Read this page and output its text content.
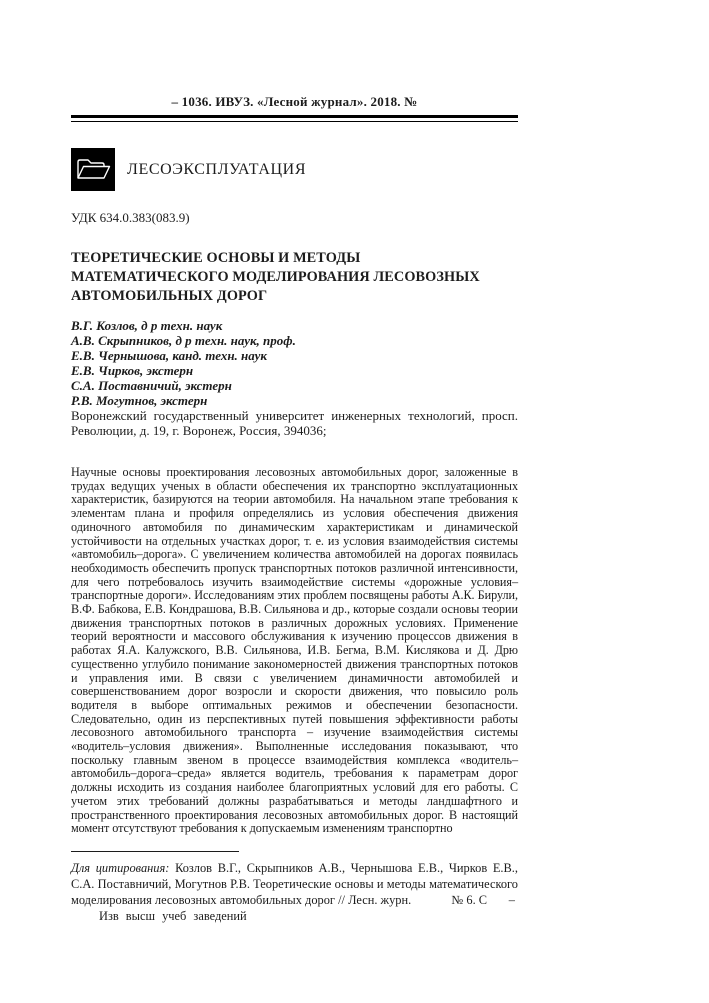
– 1036. ИВУЗ. «Лесной журнал». 2018. №
ЛЕСОЭКСПЛУАТАЦИЯ
УДК 634.0.383(083.9)
ТЕОРЕТИЧЕСКИЕ ОСНОВЫ И МЕТОДЫ МАТЕМАТИЧЕСКОГО МОДЕЛИРОВАНИЯ ЛЕСОВОЗНЫХ АВТОМОБИЛЬНЫХ ДОРОГ
В.Г. Козлов, д р техн. наук
А.В. Скрыпников, д р техн. наук, проф.
Е.В. Чернышова, канд. техн. наук
Е.В. Чирков, экстерн
С.А. Поставничий, экстерн
Р.В. Могутнов, экстерн
Воронежский государственный университет инженерных технологий, просп. Революции, д. 19, г. Воронеж, Россия, 394036;
Научные основы проектирования лесовозных автомобильных дорог, заложенные в трудах ведущих ученых в области обеспечения их транспортно эксплуатационных характеристик, базируются на теории автомобиля. На начальном этапе требования к элементам плана и профиля определялись из условия обеспечения движения одиночного автомобиля по динамическим характеристикам и динамической устойчивости на отдельных участках дорог, т. е. из условия взаимодействия системы «автомобиль–дорога». С увеличением количества автомобилей на дорогах появилась необходимость обеспечить пропуск транспортных потоков различной интенсивности, для чего потребовалось изучить взаимодействие системы «дорожные условия–транспортные дороги». Исследованиям этих проблем посвящены работы А.К. Бирули, В.Ф. Бабкова, Е.В. Кондрашова, В.В. Сильянова и др., которые создали основы теории движения транспортных потоков в различных дорожных условиях. Применение теорий вероятности и массового обслуживания к изучению процессов движения в работах Я.А. Калужского, В.В. Сильянова, И.В. Бегма, В.М. Кислякова и Д. Дрю существенно углубило понимание закономерностей движения транспортных потоков и управления ими. В связи с увеличением динамичности автомобилей и совершенствованием дорог возросли и скорости движения, что повысило роль водителя в выборе оптимальных режимов и обеспечении безопасности. Следовательно, один из перспективных путей повышения эффективности работы лесовозного автомобильного транспорта – изучение взаимодействия системы «водитель–условия движения». Выполненные исследования показывают, что поскольку главным звеном в процессе взаимодействия комплекса «водитель–автомобиль–дорога–среда» является водитель, требования к параметрам дорог должны исходить из создания наиболее благоприятных условий для его работы. С учетом этих требований должны разрабатываться и методы ландшафтного и пространственного проектирования лесовозных автомобильных дорог. В настоящий момент отсутствуют требования к допускаемым изменениям транспортно
Для цитирования: Козлов В.Г., Скрыпников А.В., Чернышова Е.В., Чирков Е.В., С.А. Поставничий, Могутнов Р.В. Теоретические основы и методы математического моделирования лесовозных автомобильных дорог // Лесн. журн.             № 6. С       –
Изв высш учеб заведений
